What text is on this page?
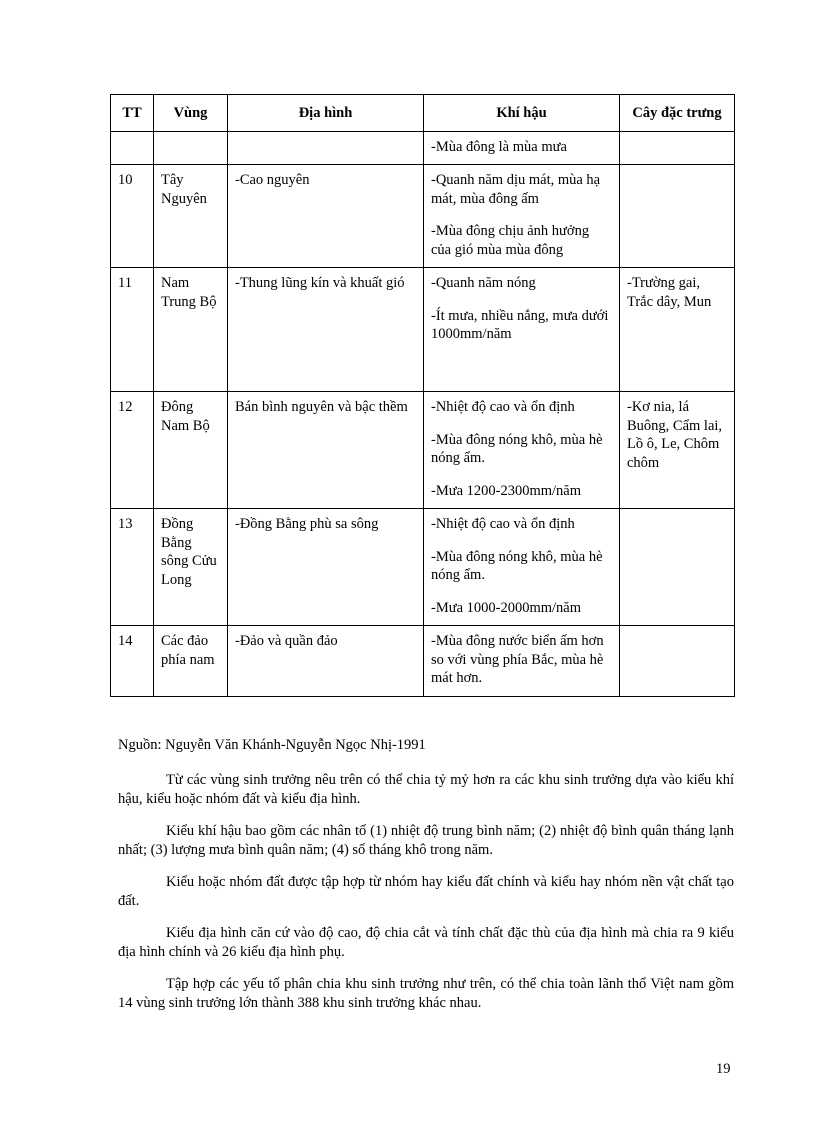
TT	Vùng	Địa hình	Khí hậu	Cây đặc trưng

			-Mùa đông là mùa mưa	

10	Tây Nguyên	-Cao nguyên	-Quanh năm dịu mát, mùa hạ mát, mùa đông ấm

-Mùa đông chịu ảnh hưởng của gió mùa mùa đông	

11	Nam Trung Bộ	-Thung lũng kín và khuất gió	-Quanh năm nóng

-Ít mưa, nhiều nắng, mưa dưới 1000mm/năm	-Trường gai, Trắc dây, Mun
12	Đông Nam Bộ	Bán bình nguyên và bậc thềm	-Nhiệt độ cao và ổn định

-Mùa đông nóng khô, mùa hè nóng ẩm.

-Mưa 1200-2300mm/năm	-Kơ nia, lá Buông, Cẩm lai, Lồ ô, Le, Chôm chôm
13	Đồng Bằng sông Cửu Long	-Đồng Bằng phù sa sông	-Nhiệt độ cao và ổn định

-Mùa đông nóng khô, mùa hè nóng ẩm.

-Mưa 1000-2000mm/năm	

14	Các đảo phía nam	-Đảo và quần đảo	-Mùa đông nước biển ấm hơn so với vùng phía Bắc, mùa hè mát hơn.	

Nguồn: Nguyễn Văn Khánh-Nguyễn Ngọc Nhị-1991

Từ các vùng sinh trưởng nêu trên có thể chia tỷ mỷ hơn ra các khu sinh trưởng dựa vào kiểu khí hậu, kiểu hoặc nhóm đất và kiểu địa hình.

Kiểu khí hậu bao gồm các nhân tố (1) nhiệt độ trung bình năm; (2) nhiệt độ bình quân tháng lạnh nhất; (3) lượng mưa bình quân năm; (4) số tháng khô trong năm.

Kiểu hoặc nhóm đất được tập hợp từ nhóm hay kiểu đất chính và kiểu hay nhóm nền vật chất tạo đất.

Kiểu địa hình căn cứ vào độ cao, độ chia cắt và tính chất đặc thù của địa hình mà chia ra 9 kiểu địa hình chính và 26 kiểu địa hình phụ.

Tập hợp các yếu tố phân chia khu sinh trưởng như trên, có thể chia toàn lãnh thổ Việt nam gồm 14 vùng sinh trưởng lớn thành 388 khu sinh trưởng khác nhau.

19
